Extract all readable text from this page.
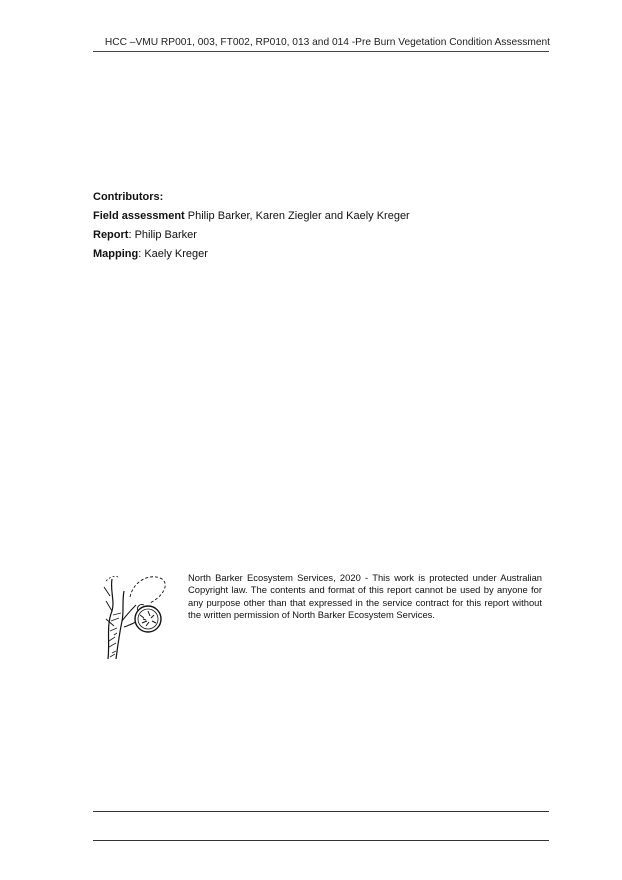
HCC –VMU RP001, 003, FT002, RP010, 013 and 014 -Pre Burn Vegetation Condition Assessment
Contributors:
Field assessment Philip Barker, Karen Ziegler and Kaely Kreger
Report: Philip Barker
Mapping: Kaely Kreger
North Barker Ecosystem Services, 2020 - This work is protected under Australian Copyright law. The contents and format of this report cannot be used by anyone for any purpose other than that expressed in the service contract for this report without the written permission of North Barker Ecosystem Services.
